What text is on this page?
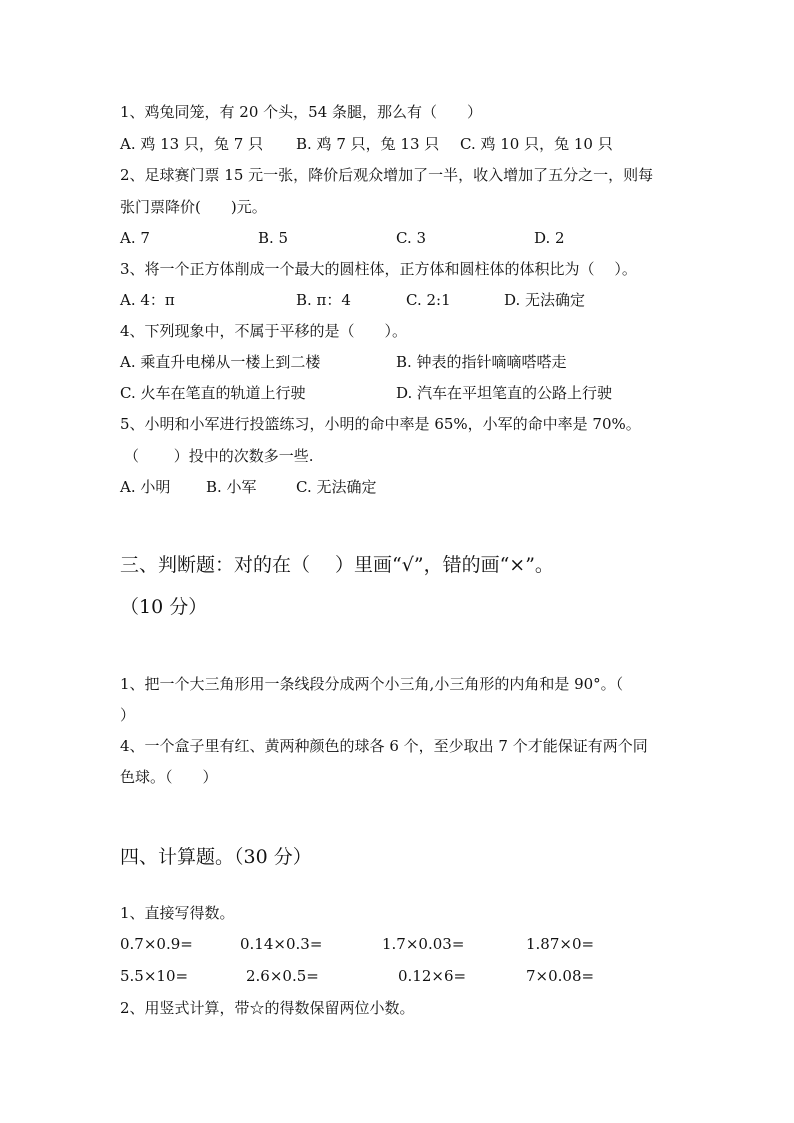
1、鸡兔同笼，有 20 个头，54 条腿，那么有（　　）
A. 鸡 13 只，兔 7 只 B. 鸡 7 只，兔 13 只 C. 鸡 10 只，兔 10 只
2、足球赛门票 15 元一张，降价后观众增加了一半，收入增加了五分之一，则每
张门票降价(　　)元。
A. 7	B. 5	C. 3	D. 2
3、将一个正方体削成一个最大的圆柱体，正方体和圆柱体的体积比为（　 ）。
A. 4：π	B. π：4	C. 2:1	D. 无法确定
4、下列现象中，不属于平移的是（　　）。
A. 乘直升电梯从一楼上到二楼	B. 钟表的指针嘀嘀嗒嗒走
C. 火车在笔直的轨道上行驶	D. 汽车在平坦笔直的公路上行驶
5、小明和小军进行投篮练习，小明的命中率是 65%，小军的命中率是 70%。
（　　 ）投中的次数多一些.
A. 小明 B. 小军	C. 无法确定
三、判断题：对的在（　 ）里画“√”，错的画“×”。
（10 分）
1、把一个大三角形用一条线段分成两个小三角,小三角形的内角和是 90°。（
）
4、一个盒子里有红、黄两种颜色的球各 6 个，至少取出 7 个才能保证有两个同
色球。（　　）
四、计算题。（30 分）
1、直接写得数。
0.7×0.9=	0.14×0.3=	1.7×0.03=	1.87×0=
5.5×10=	2.6×0.5=	0.12×6=	7×0.08=
2、用竖式计算，带☆的得数保留两位小数。
